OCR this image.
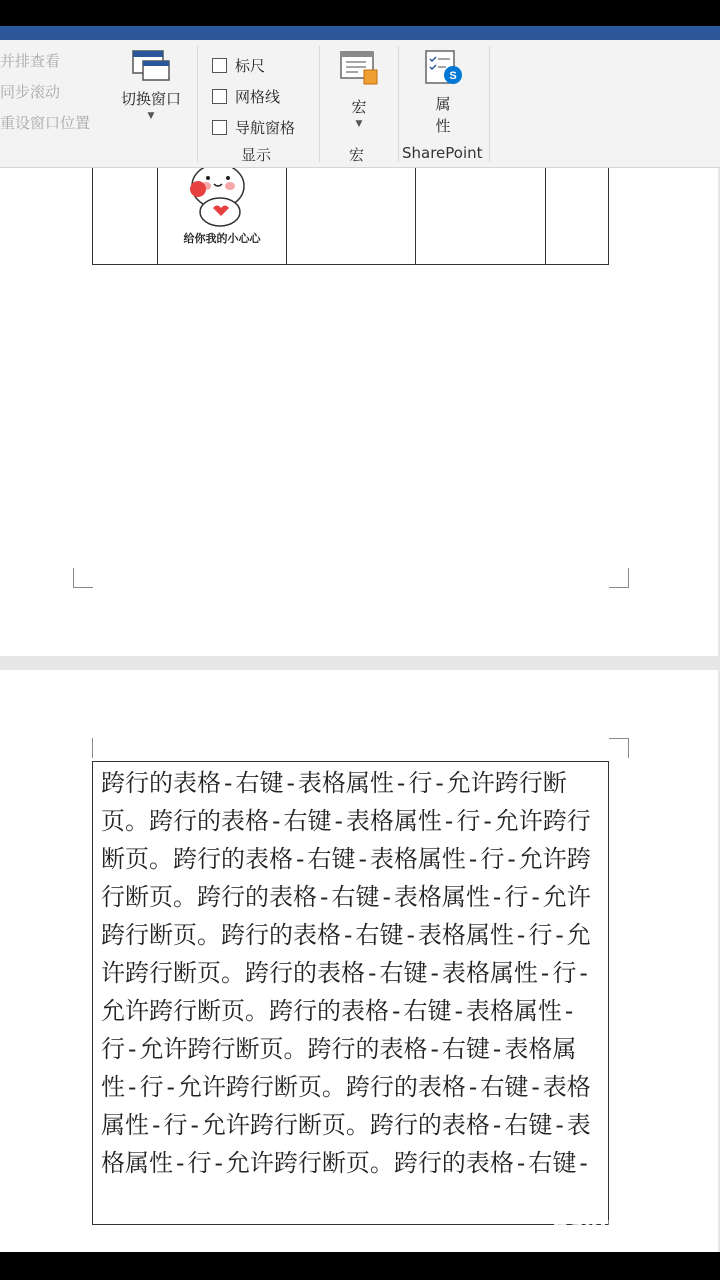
并排查看
同步滚动
重设窗口位置
切换窗口
▼
标尺
网格线
导航窗格
显示
宏
▼
宏
S
属
性
SharePoint
给你我的小心心
跨行的表格-右键-表格属性-行-允许跨行断页。跨行的表格-右键-表格属性-行-允许跨行断页。跨行的表格-右键-表格属性-行-允许跨行断页。跨行的表格-右键-表格属性-行-允许跨行断页。跨行的表格-右键-表格属性-行-允许跨行断页。跨行的表格-右键-表格属性-行-允许跨行断页。跨行的表格-右键-表格属性-行-允许跨行断页。跨行的表格-右键-表格属性-行-允许跨行断页。跨行的表格-右键-表格属性-行-允许跨行断页。跨行的表格-右键-表格属性-行-允许跨行断页。跨行的表格-右键-
Baidu 经验
jingyan.baidu.com
